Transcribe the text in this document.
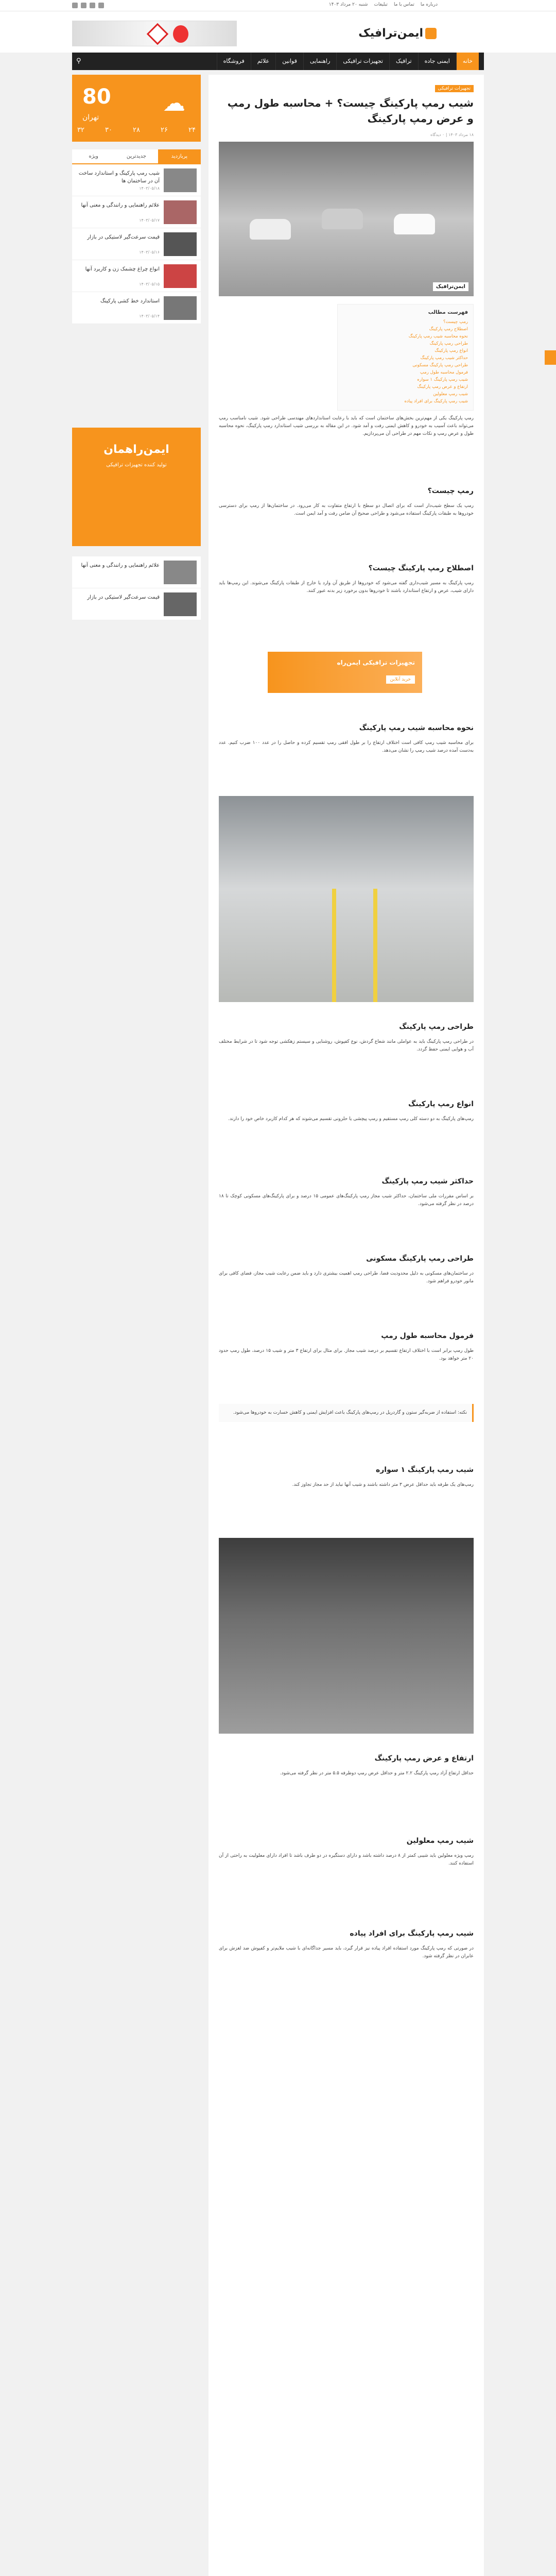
درباره ما
تماس با ما
تبلیغات
شنبه ۲۰ مرداد ۱۴۰۳
ایمن‌ترافیک
خانه
ایمنی جاده
ترافیک
تجهیزات ترافیکی
راهنمایی
قوانین
علائم
فروشگاه
⚲
80
تهران
☁
۲۴
۲۶
۲۸
۳۰
۳۲
پربازدید
جدیدترین
ویژه
شیب رمپ پارکینگ و استاندارد ساخت آن در ساختمان ها
۱۴۰۳/۰۵/۱۸
علائم راهنمایی و رانندگی و معنی آنها
۱۴۰۳/۰۵/۱۷
قیمت سرعت‌گیر لاستیکی در بازار
۱۴۰۳/۰۵/۱۶
انواع چراغ چشمک زن و کاربرد آنها
۱۴۰۳/۰۵/۱۵
استاندارد خط کشی پارکینگ
۱۴۰۳/۰۵/۱۴
ایمن‌راهمان
تولید کننده تجهیزات ترافیکی
علائم راهنمایی و رانندگی و معنی آنها
قیمت سرعت‌گیر لاستیکی در بازار
تجهیزات ترافیکی
شیب رمپ پارکینگ چیست؟ + محاسبه طول رمپ و عرض رمپ پارکینگ
۱۸ مرداد ۱۴۰۳ | ۰ دیدگاه
ایمن‌ترافیک
فهرست مطالب
رمپ چیست؟
اصطلاح رمپ پارکینگ
نحوه محاسبه شیب رمپ پارکینگ
طراحی رمپ پارکینگ
انواع رمپ پارکینگ
حداکثر شیب رمپ پارکینگ
طراحی رمپ پارکینگ مسکونی
فرمول محاسبه طول رمپ
شیب رمپ پارکینگ ۱ سواره
ارتفاع و عرض رمپ پارکینگ
شیب رمپ معلولین
شیب رمپ پارکینگ برای افراد پیاده

رمپ پارکینگ یکی از مهم‌ترین بخش‌های ساختمان است که باید با رعایت استانداردهای مهندسی طراحی شود. شیب نامناسب رمپ می‌تواند باعث آسیب به خودرو و کاهش ایمنی رفت و آمد شود. در این مقاله به بررسی شیب استاندارد رمپ پارکینگ، نحوه محاسبه طول و عرض رمپ و نکات مهم در طراحی آن می‌پردازیم.

رمپ چیست؟

رمپ یک سطح شیب‌دار است که برای اتصال دو سطح با ارتفاع متفاوت به کار می‌رود. در ساختمان‌ها از رمپ برای دسترسی خودروها به طبقات پارکینگ استفاده می‌شود و طراحی صحیح آن ضامن رفت و آمد ایمن است.

اصطلاح رمپ پارکینگ چیست؟

رمپ پارکینگ به مسیر شیب‌داری گفته می‌شود که خودروها از طریق آن وارد یا خارج از طبقات پارکینگ می‌شوند. این رمپ‌ها باید دارای شیب، عرض و ارتفاع استاندارد باشند تا خودروها بدون برخورد زیر بدنه عبور کنند.

تجهیزات ترافیکی ایمن‌راه
خرید آنلاین
نحوه محاسبه شیب رمپ پارکینگ

برای محاسبه شیب رمپ کافی است اختلاف ارتفاع را بر طول افقی رمپ تقسیم کرده و حاصل را در عدد ۱۰۰ ضرب کنیم. عدد به‌دست آمده درصد شیب رمپ را نشان می‌دهد.

طراحی رمپ پارکینگ

در طراحی رمپ پارکینگ باید به عواملی مانند شعاع گردش، نوع کفپوش، روشنایی و سیستم زهکشی توجه شود تا در شرایط مختلف آب و هوایی ایمنی حفظ گردد.

انواع رمپ پارکینگ

رمپ‌های پارکینگ به دو دسته کلی رمپ مستقیم و رمپ پیچشی یا حلزونی تقسیم می‌شوند که هر کدام کاربرد خاص خود را دارند.

حداکثر شیب رمپ پارکینگ

بر اساس مقررات ملی ساختمان، حداکثر شیب مجاز رمپ پارکینگ‌های عمومی ۱۵ درصد و برای پارکینگ‌های مسکونی کوچک تا ۱۸ درصد در نظر گرفته می‌شود.

طراحی رمپ پارکینگ مسکونی

در ساختمان‌های مسکونی به دلیل محدودیت فضا، طراحی رمپ اهمیت بیشتری دارد و باید ضمن رعایت شیب مجاز، فضای کافی برای مانور خودرو فراهم شود.

فرمول محاسبه طول رمپ

طول رمپ برابر است با اختلاف ارتفاع تقسیم بر درصد شیب مجاز. برای مثال برای ارتفاع ۳ متر و شیب ۱۵ درصد، طول رمپ حدود ۲۰ متر خواهد بود.

نکته: استفاده از ضربه‌گیر ستون و گاردریل در رمپ‌های پارکینگ باعث افزایش ایمنی و کاهش خسارت به خودروها می‌شود.
شیب رمپ پارکینگ ۱ سواره

رمپ‌های یک طرفه باید حداقل عرض ۳ متر داشته باشند و شیب آنها نباید از حد مجاز تجاوز کند.

ارتفاع و عرض رمپ پارکینگ

حداقل ارتفاع آزاد رمپ پارکینگ ۲.۲ متر و حداقل عرض رمپ دوطرفه ۵.۵ متر در نظر گرفته می‌شود.

شیب رمپ معلولین

رمپ ویژه معلولین باید شیبی کمتر از ۸ درصد داشته باشد و دارای دستگیره در دو طرف باشد تا افراد دارای معلولیت به راحتی از آن استفاده کنند.

شیب رمپ پارکینگ برای افراد پیاده

در صورتی که رمپ پارکینگ مورد استفاده افراد پیاده نیز قرار گیرد، باید مسیر جداگانه‌ای با شیب ملایم‌تر و کفپوش ضد لغزش برای عابران در نظر گرفته شود.
